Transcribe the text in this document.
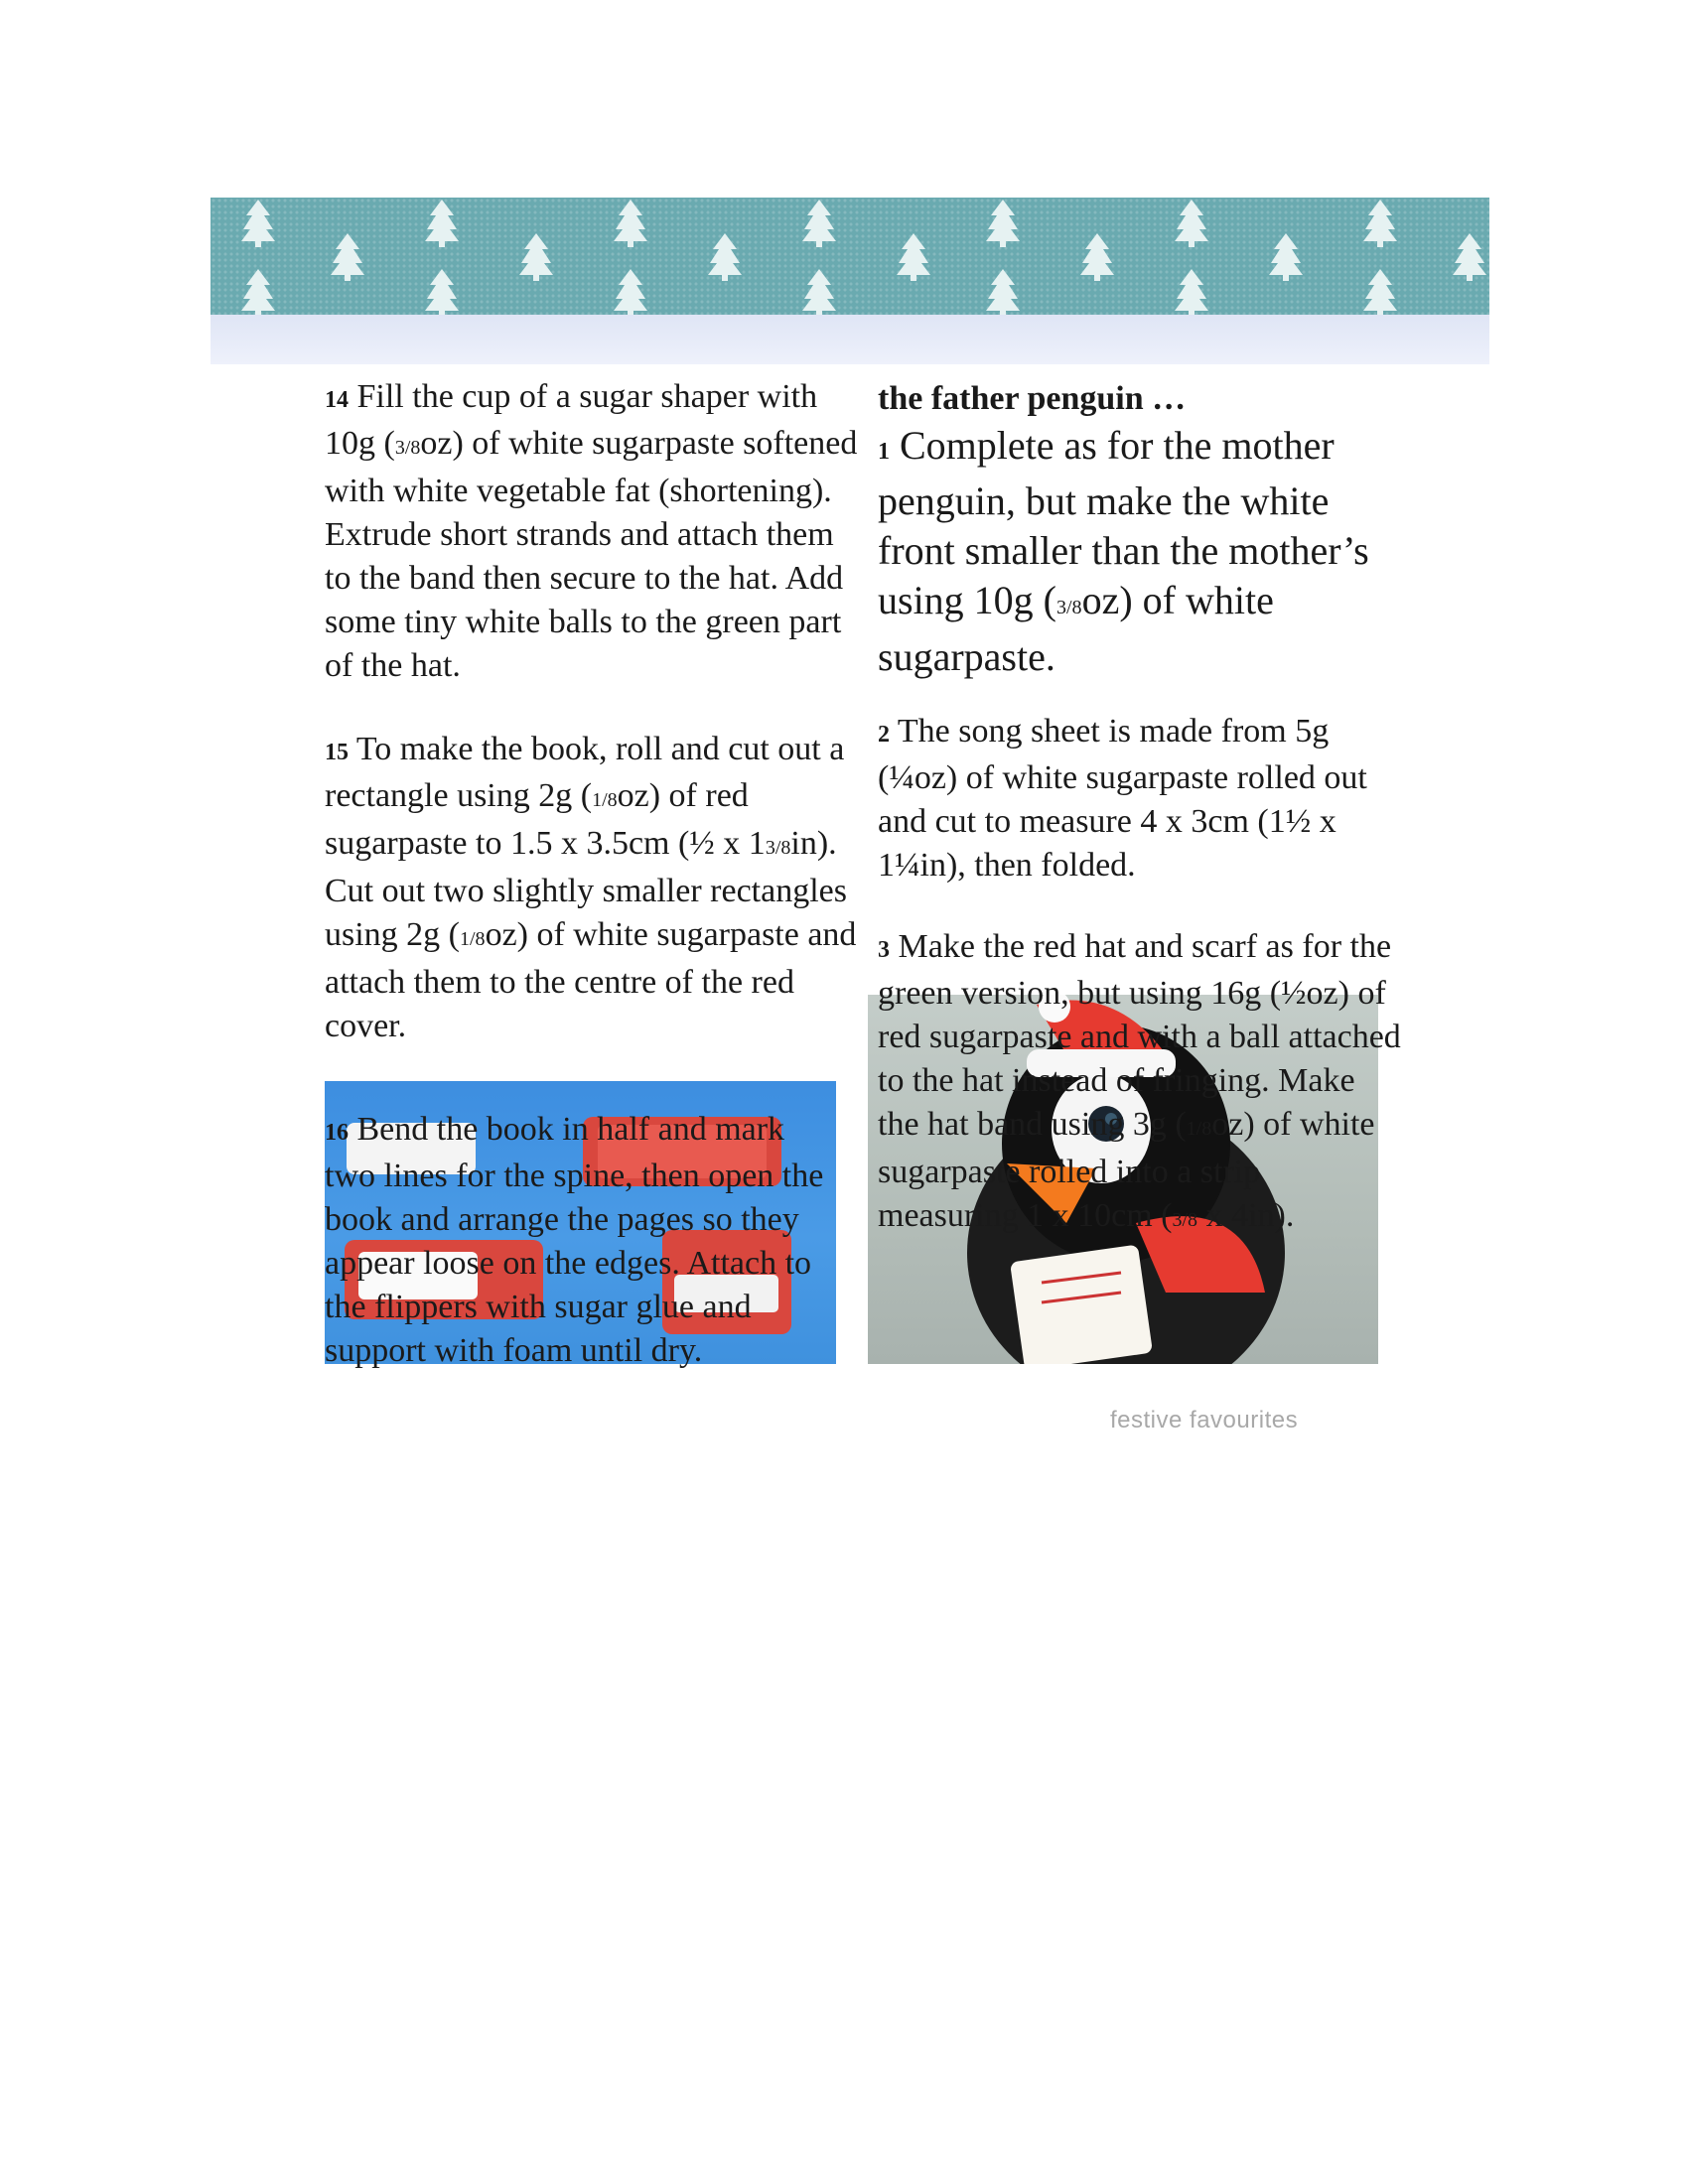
14 Fill the cup of a sugar shaper with 10g (3/8oz) of white sugarpaste softened with white vegetable fat (shortening). Extrude short strands and attach them to the band then secure to the hat. Add some tiny white balls to the green part of the hat.

15 To make the book, roll and cut out a rectangle using 2g (1/8oz) of red sugarpaste to 1.5 x 3.5cm (½ x 13/8in). Cut out two slightly smaller rectangles using 2g (1/8oz) of white sugarpaste and attach them to the centre of the red cover.

16 Bend the book in half and mark two lines for the spine, then open the book and arrange the pages so they appear loose on the edges. Attach to the flippers with sugar glue and support with foam until dry.

the father penguin …

1 Complete as for the mother penguin, but make the white front smaller than the mother’s using 10g (3/8oz) of white sugarpaste.

2 The song sheet is made from 5g (¼oz) of white sugarpaste rolled out and cut to measure 4 x 3cm (1½ x 1¼in), then folded.

3 Make the red hat and scarf as for the green version, but using 16g (½oz) of red sugarpaste and with a ball attached to the hat instead of fringing. Make the hat band using 3g (1/8oz) of white sugarpaste rolled into a strip measuring 1 x 10cm (3/8 x 4in).

festive favourites
